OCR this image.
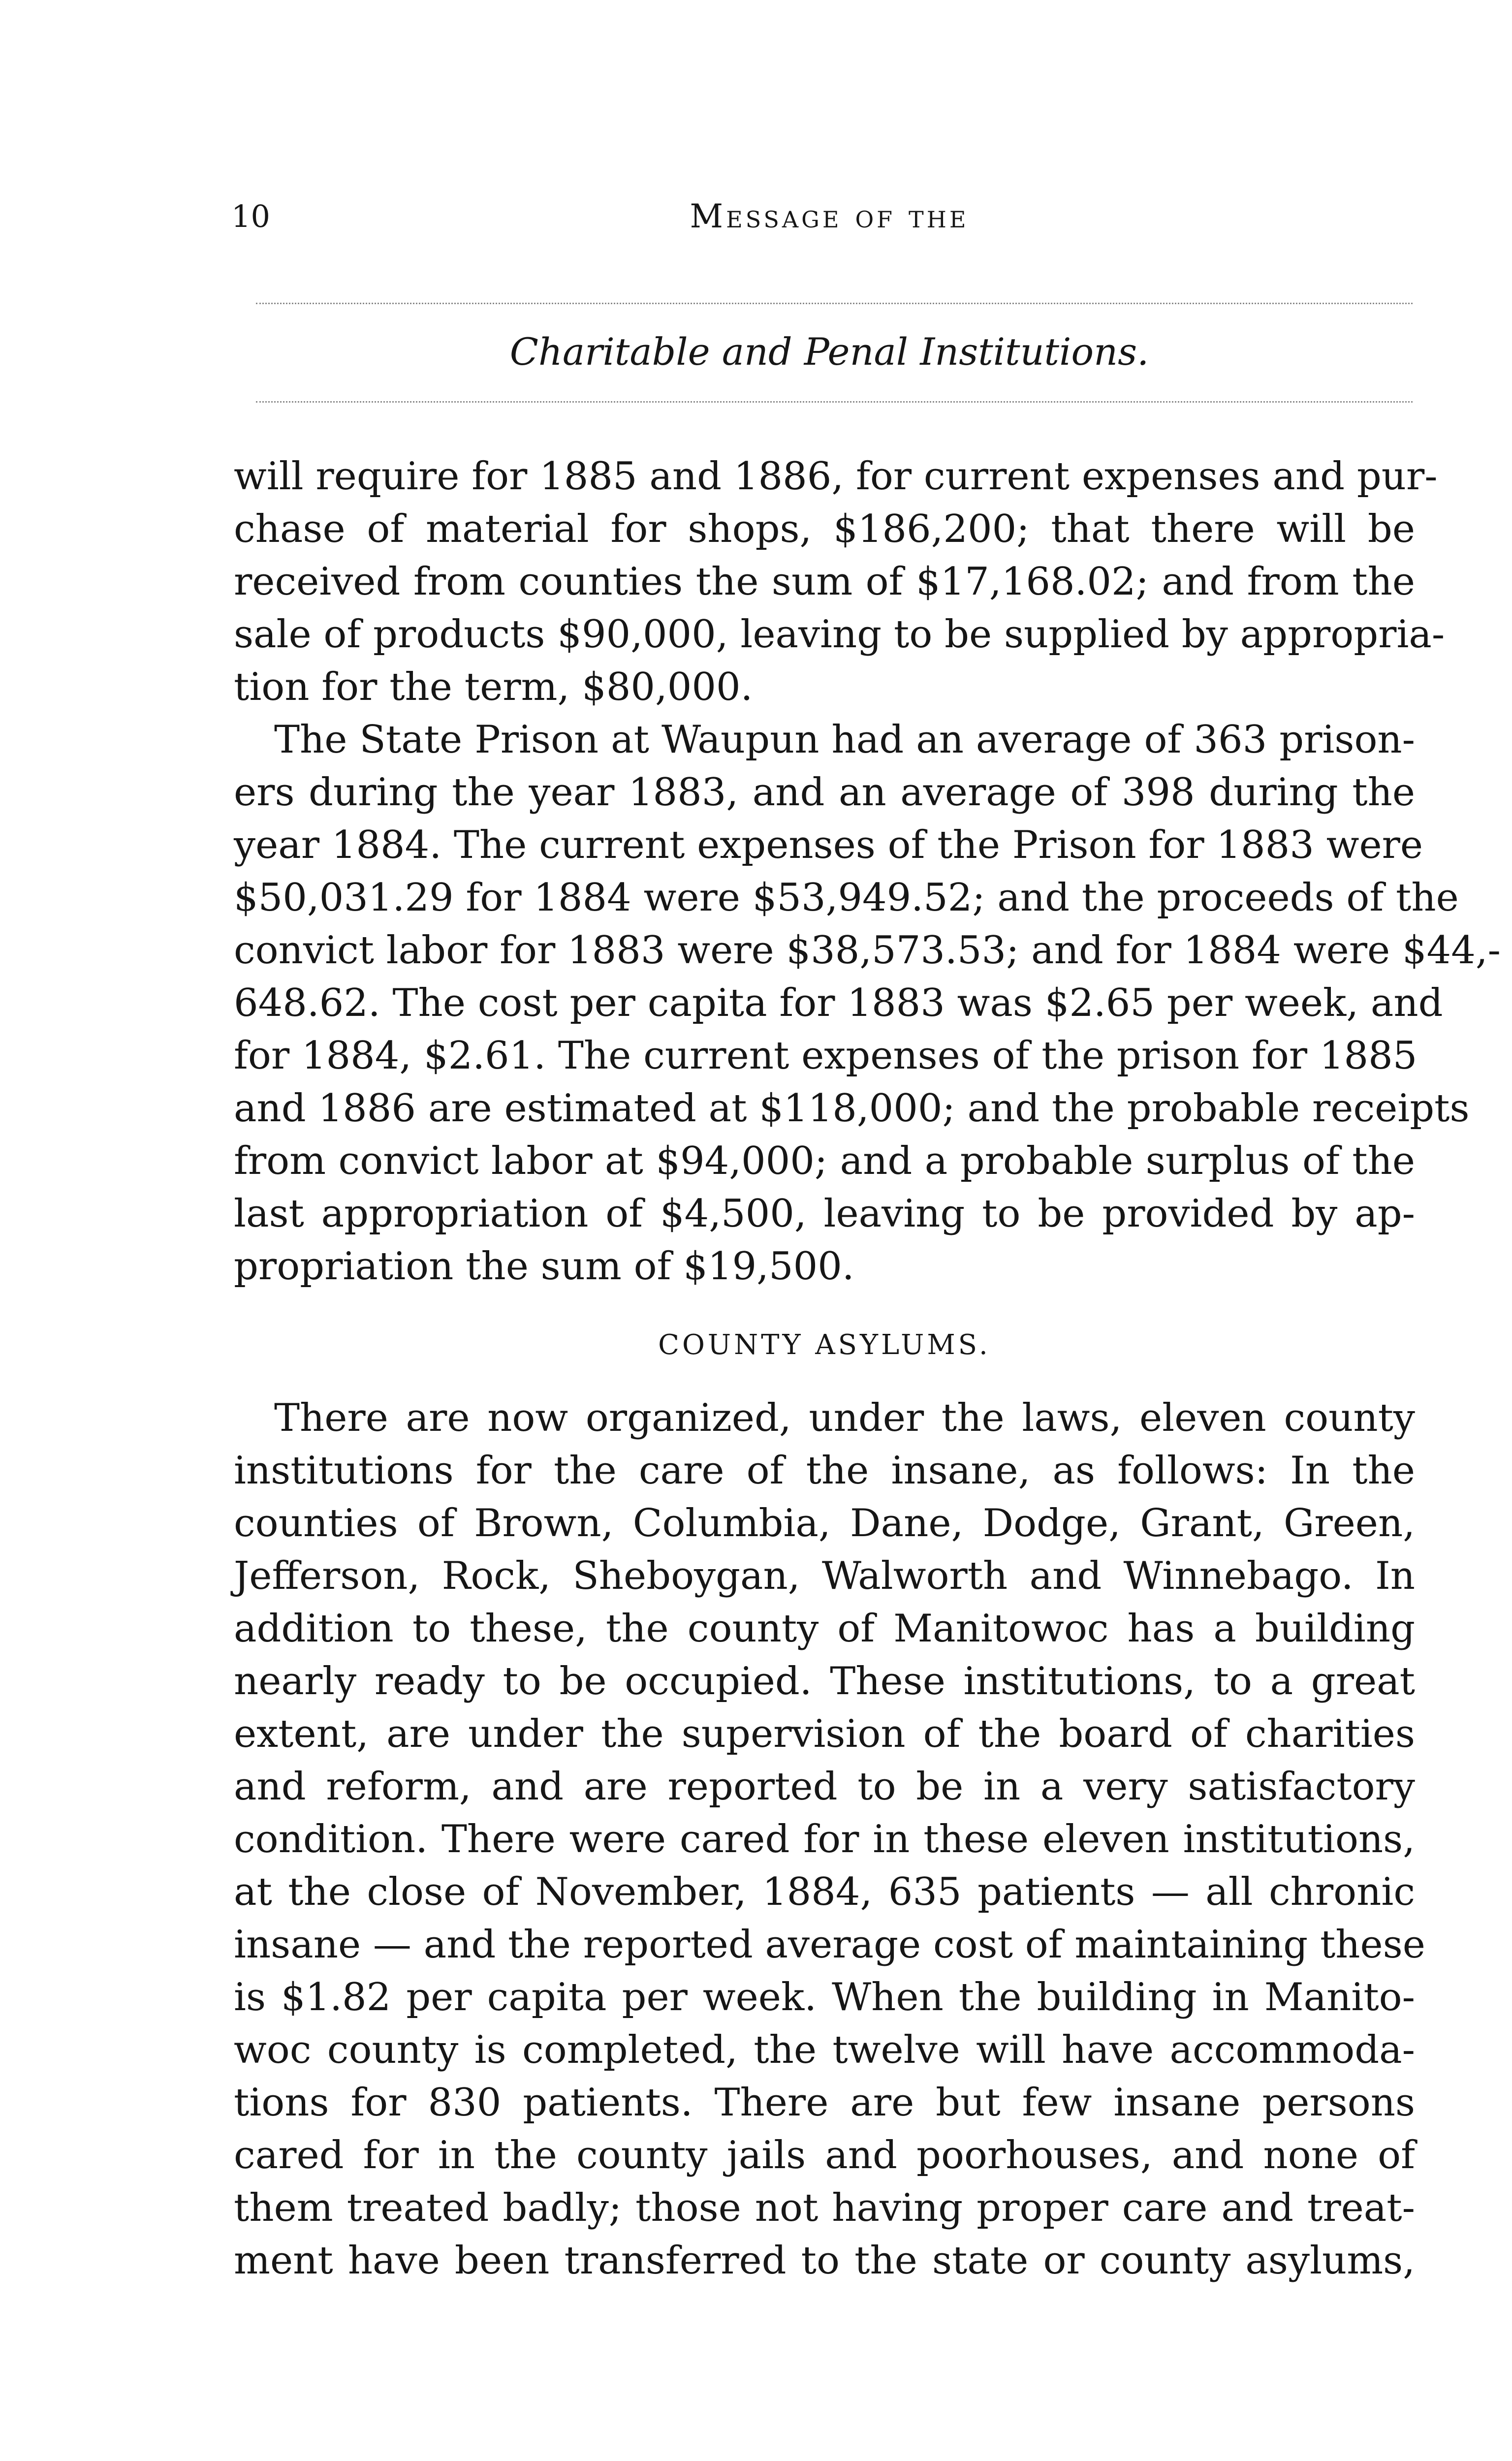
10	Message of the
Charitable and Penal Institutions.

will require for 1885 and 1886, for current expenses and pur-
chase of material for shops, $186,200; that there will be
received from counties the sum of $17,168.02; and from the
sale of products $90,000, leaving to be supplied by appropria-
tion for the term, $80,000.

The State Prison at Waupun had an average of 363 prison-
ers during the year 1883, and an average of 398 during the
year 1884. The current expenses of the Prison for 1883 were
$50,031.29 for 1884 were $53,949.52; and the proceeds of the
convict labor for 1883 were $38,573.53; and for 1884 were $44,-
648.62. The cost per capita for 1883 was $2.65 per week, and
for 1884, $2.61. The current expenses of the prison for 1885
and 1886 are estimated at $118,000; and the probable receipts
from convict labor at $94,000; and a probable surplus of the
last appropriation of $4,500, leaving to be provided by ap-
propriation the sum of $19,500.

COUNTY ASYLUMS.

There are now organized, under the laws, eleven county
institutions for the care of the insane, as follows: In the
counties of Brown, Columbia, Dane, Dodge, Grant, Green,
Jefferson, Rock, Sheboygan, Walworth and Winnebago. In
addition to these, the county of Manitowoc has a building
nearly ready to be occupied. These institutions, to a great
extent, are under the supervision of the board of charities
and reform, and are reported to be in a very satisfactory
condition. There were cared for in these eleven institutions,
at the close of November, 1884, 635 patients — all chronic
insane — and the reported average cost of maintaining these
is $1.82 per capita per week. When the building in Manito-
woc county is completed, the twelve will have accommoda-
tions for 830 patients. There are but few insane persons
cared for in the county jails and poorhouses, and none of
them treated badly; those not having proper care and treat-
ment have been transferred to the state or county asylums,
